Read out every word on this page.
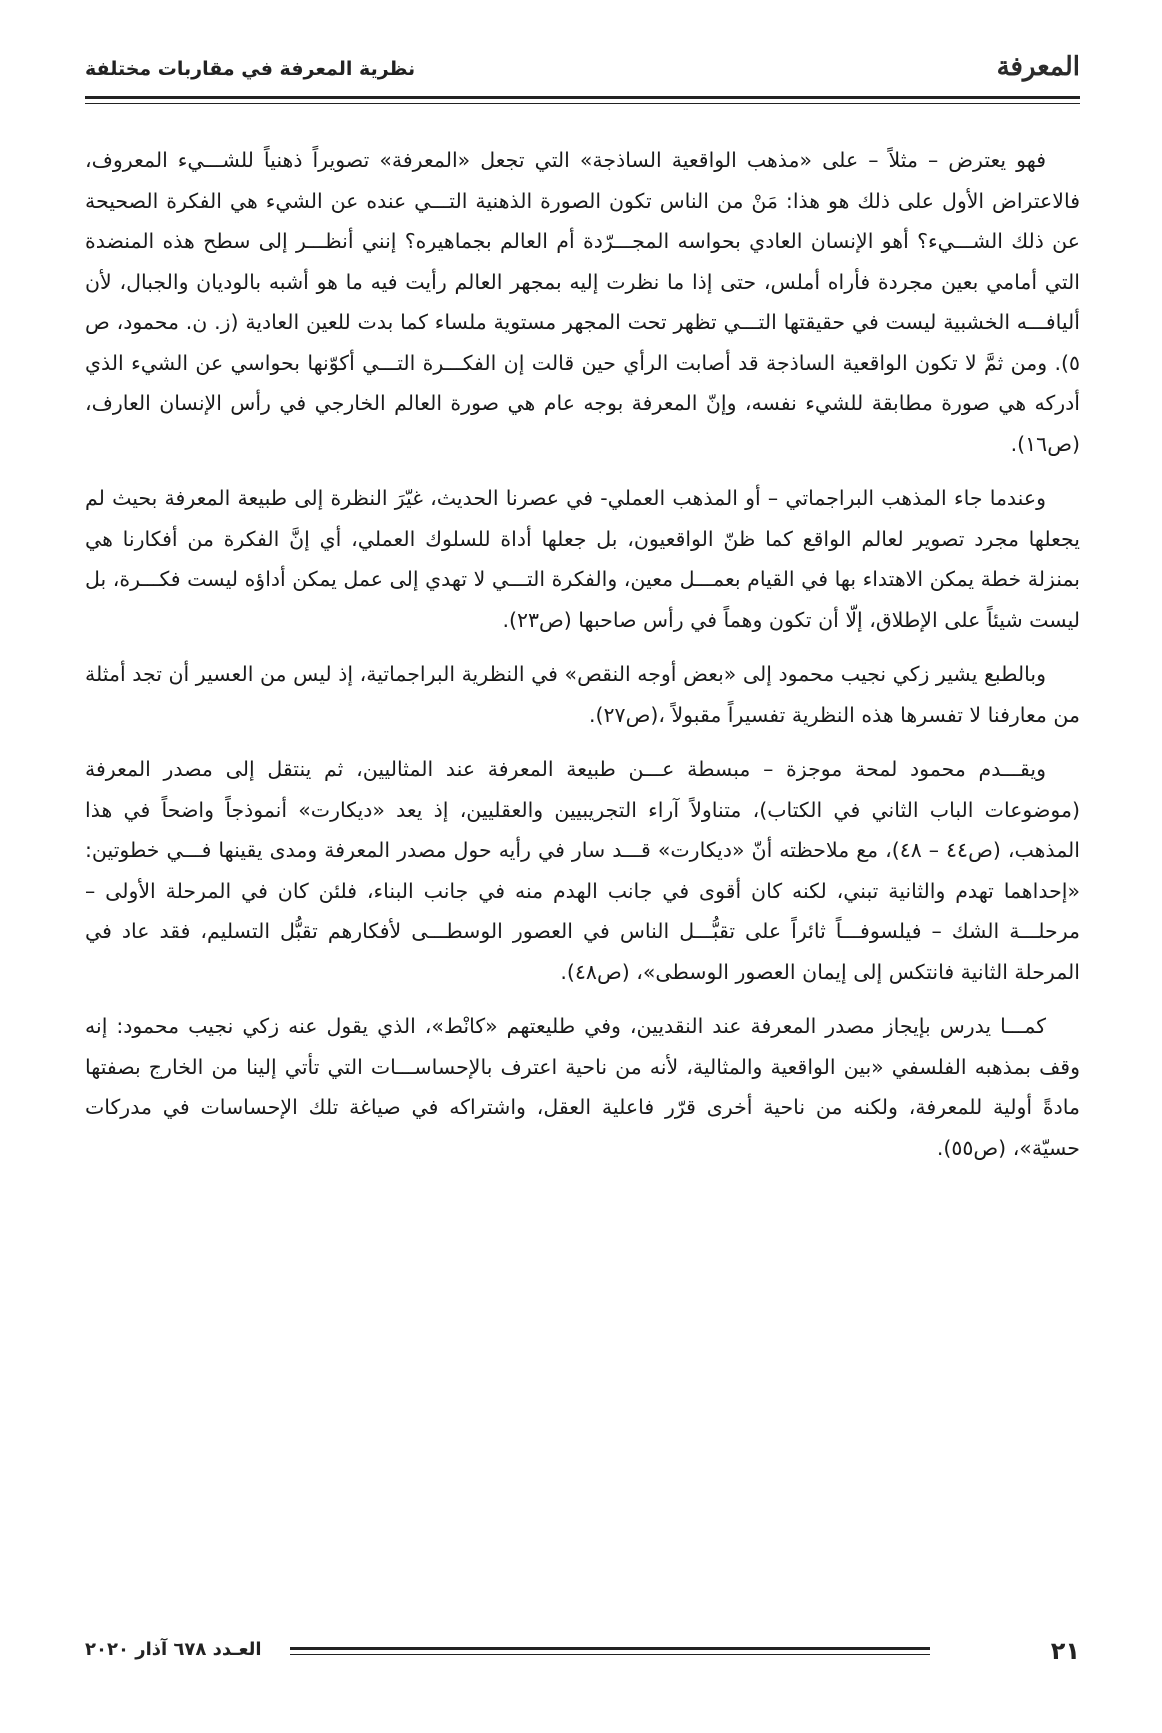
المعرفة
نظرية المعرفة في مقاربات مختلفة

فهو يعترض – مثلاً – على «مذهب الواقعية الساذجة» التي تجعل «المعرفة» تصويراً ذهنياً للشـــيء المعروف، فالاعتراض الأول على ذلك هو هذا: مَنْ من الناس تكون الصورة الذهنية التـــي عنده عن الشيء هي الفكرة الصحيحة عن ذلك الشـــيء؟ أهو الإنسان العادي بحواسه المجـــرّدة أم العالم بجماهيره؟ إنني أنظـــر إلى سطح هذه المنضدة التي أمامي بعين مجردة فأراه أملس، حتى إذا ما نظرت إليه بمجهر العالم رأيت فيه ما هو أشبه بالوديان والجبال، لأن أليافـــه الخشبية ليست في حقيقتها التـــي تظهر تحت المجهر مستوية ملساء كما بدت للعين العادية (ز. ن. محمود، ص ٥). ومن ثمَّ لا تكون الواقعية الساذجة قد أصابت الرأي حين قالت إن الفكـــرة التـــي أكوّنها بحواسي عن الشيء الذي أدركه هي صورة مطابقة للشيء نفسه، وإنّ المعرفة بوجه عام هي صورة العالم الخارجي في رأس الإنسان العارف،(ص١٦).

وعندما جاء المذهب البراجماتي – أو المذهب العملي- في عصرنا الحديث، غيّرَ النظرة إلى طبيعة المعرفة بحيث لم يجعلها مجرد تصوير لعالم الواقع كما ظنّ الواقعيون، بل جعلها أداة للسلوك العملي، أي إنَّ الفكرة من أفكارنا هي بمنزلة خطة يمكن الاهتداء بها في القيام بعمـــل معين، والفكرة التـــي لا تهدي إلى عمل يمكن أداؤه ليست فكـــرة، بل ليست شيئاً على الإطلاق، إلّا أن تكون وهماً في رأس صاحبها (ص٢٣).

وبالطبع يشير زكي نجيب محمود إلى «بعض أوجه النقص» في النظرية البراجماتية، إذ ليس من العسير أن تجد أمثلة من معارفنا لا تفسرها هذه النظرية تفسيراً مقبولاً ،(ص٢٧).

ويقـــدم محمود لمحة موجزة – مبسطة عـــن طبيعة المعرفة عند المثاليين، ثم ينتقل إلى مصدر المعرفة (موضوعات الباب الثاني في الكتاب)، متناولاً آراء التجريبيين والعقليين، إذ يعد «ديكارت» أنموذجاً واضحاً في هذا المذهب، (ص٤٤ – ٤٨)، مع ملاحظته أنّ «ديكارت» قـــد سار في رأيه حول مصدر المعرفة ومدى يقينها فـــي خطوتين: «إحداهما تهدم والثانية تبني، لكنه كان أقوى في جانب الهدم منه في جانب البناء، فلئن كان في المرحلة الأولى – مرحلـــة الشك – فيلسوفـــاً ثائراً على تقبُّـــل الناس في العصور الوسطـــى لأفكارهم تقبُّل التسليم، فقد عاد في المرحلة الثانية فانتكس إلى إيمان العصور الوسطى»، (ص٤٨).

كمـــا يدرس بإيجاز مصدر المعرفة عند النقديين، وفي طليعتهم «كانْط»، الذي يقول عنه زكي نجيب محمود: إنه وقف بمذهبه الفلسفي «بين الواقعية والمثالية، لأنه من ناحية اعترف بالإحساســـات التي تأتي إلينا من الخارج بصفتها مادةً أولية للمعرفة، ولكنه من ناحية أخرى قرّر فاعلية العقل، واشتراكه في صياغة تلك الإحساسات في مدركات حسيّة»، (ص٥٥).

٢١
العـدد ٦٧٨ آذار ٢٠٢٠
